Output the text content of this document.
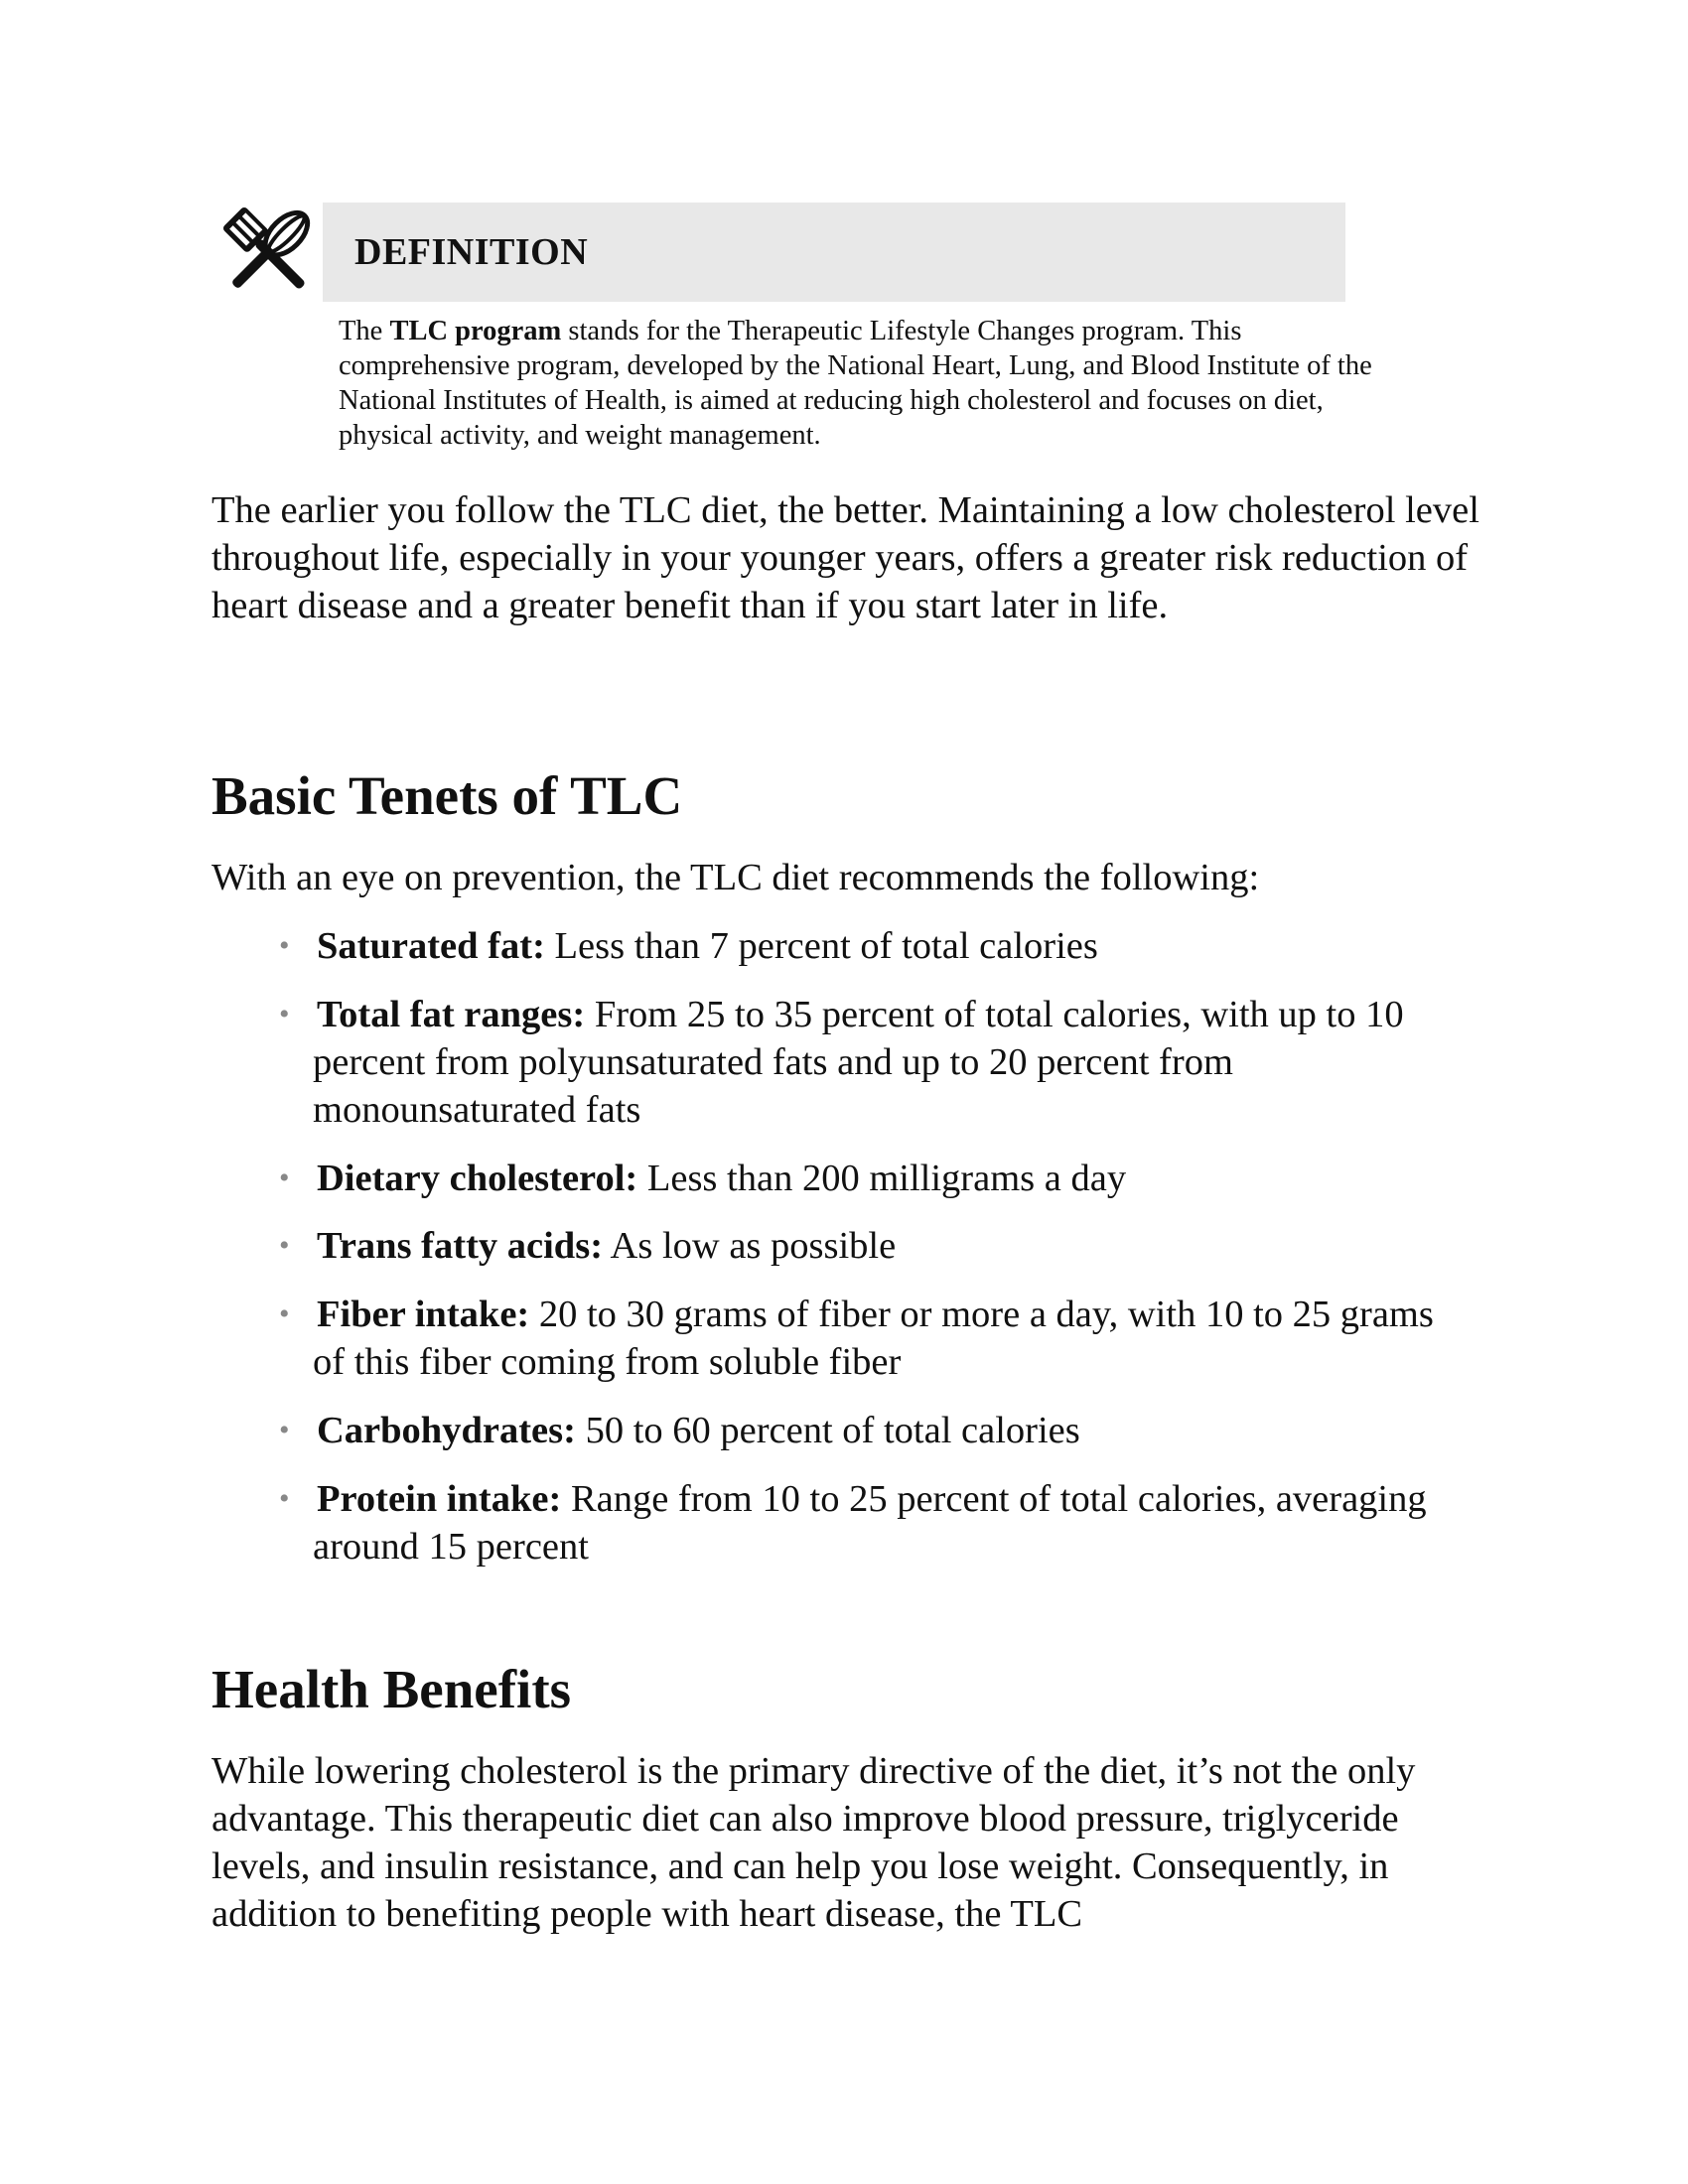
DEFINITION

The TLC program stands for the Therapeutic Lifestyle Changes program. This comprehensive program, developed by the National Heart, Lung, and Blood Institute of the National Institutes of Health, is aimed at reducing high cholesterol and focuses on diet, physical activity, and weight management.

The earlier you follow the TLC diet, the better. Maintaining a low cholesterol level throughout life, especially in your younger years, offers a greater risk reduction of heart disease and a greater benefit than if you start later in life.

Basic Tenets of TLC

With an eye on prevention, the TLC diet recommends the following:

• Saturated fat: Less than 7 percent of total calories
• Total fat ranges: From 25 to 35 percent of total calories, with up to 10 percent from polyunsaturated fats and up to 20 percent from monounsaturated fats
• Dietary cholesterol: Less than 200 milligrams a day
• Trans fatty acids: As low as possible
• Fiber intake: 20 to 30 grams of fiber or more a day, with 10 to 25 grams of this fiber coming from soluble fiber
• Carbohydrates: 50 to 60 percent of total calories
• Protein intake: Range from 10 to 25 percent of total calories, averaging around 15 percent
Health Benefits

While lowering cholesterol is the primary directive of the diet, it’s not the only advantage. This therapeutic diet can also improve blood pressure, triglyceride levels, and insulin resistance, and can help you lose weight. Consequently, in addition to benefiting people with heart disease, the TLC
